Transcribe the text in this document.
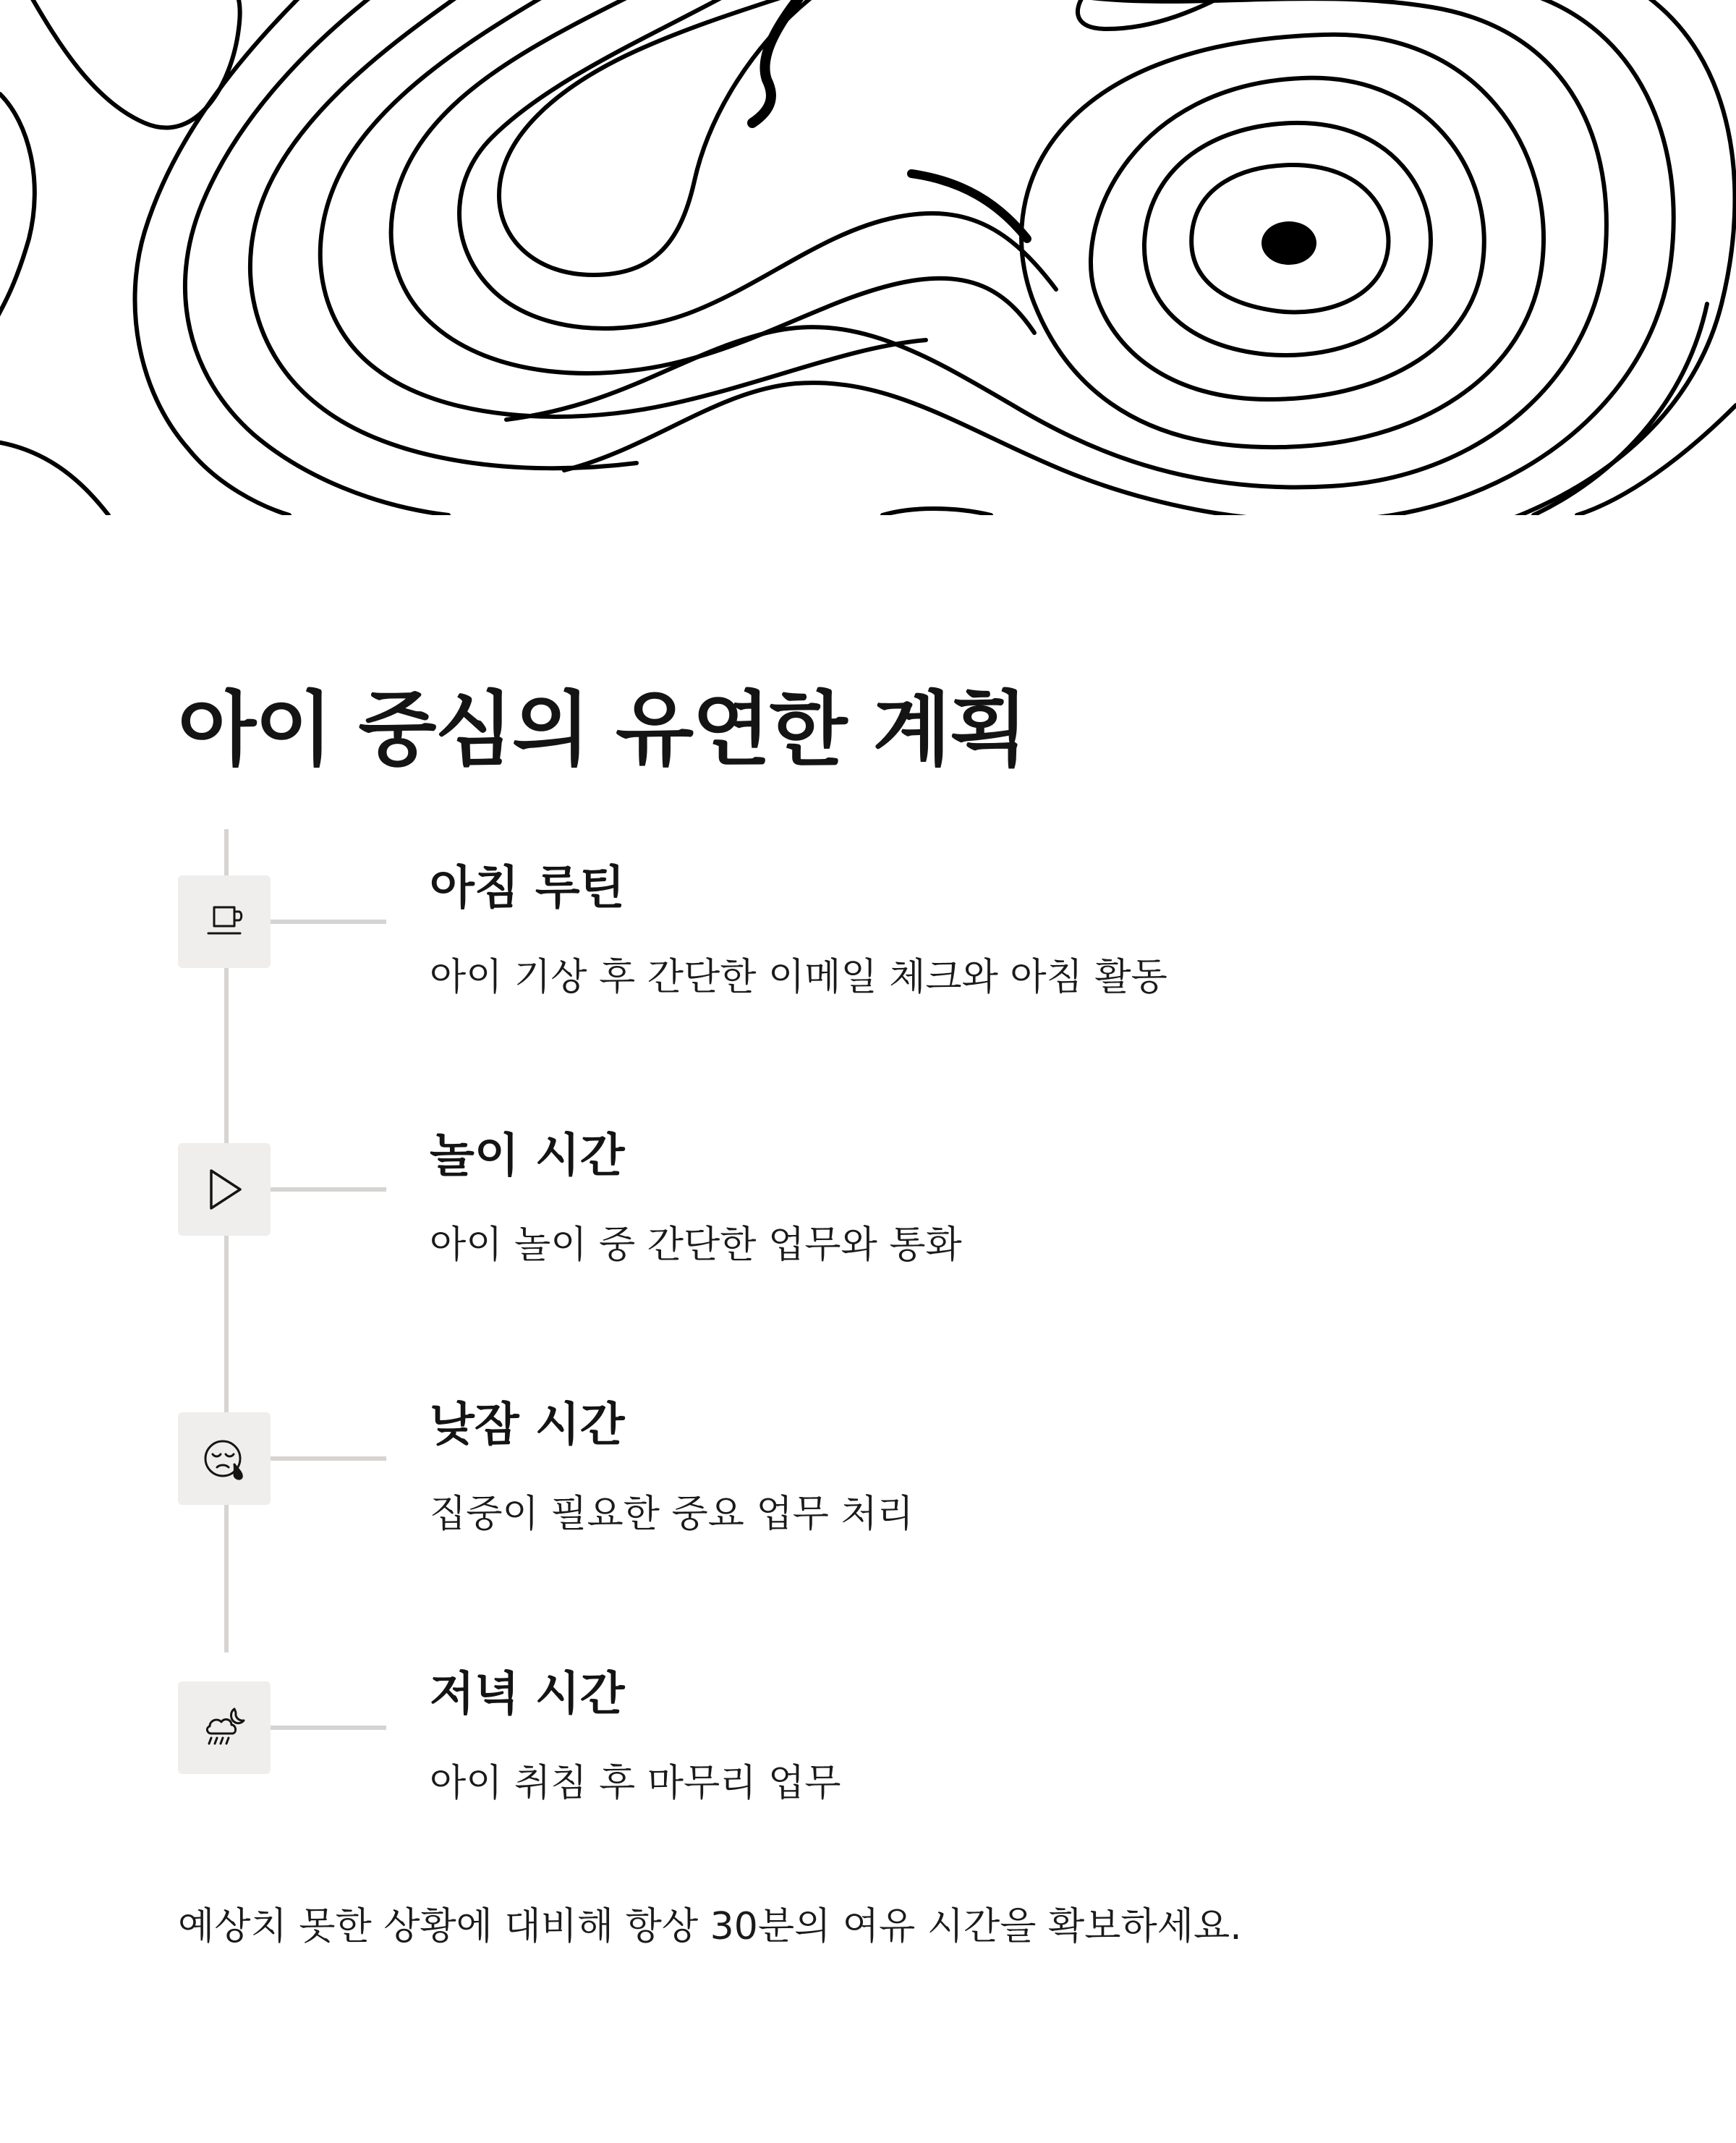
아이 중심의 유연한 계획
아침 루틴

아이 기상 후 간단한 이메일 체크와 아침 활동

놀이 시간

아이 놀이 중 간단한 업무와 통화

낮잠 시간

집중이 필요한 중요 업무 처리

저녁 시간

아이 취침 후 마무리 업무

예상치 못한 상황에 대비해 항상 30분의 여유 시간을 확보하세요.
